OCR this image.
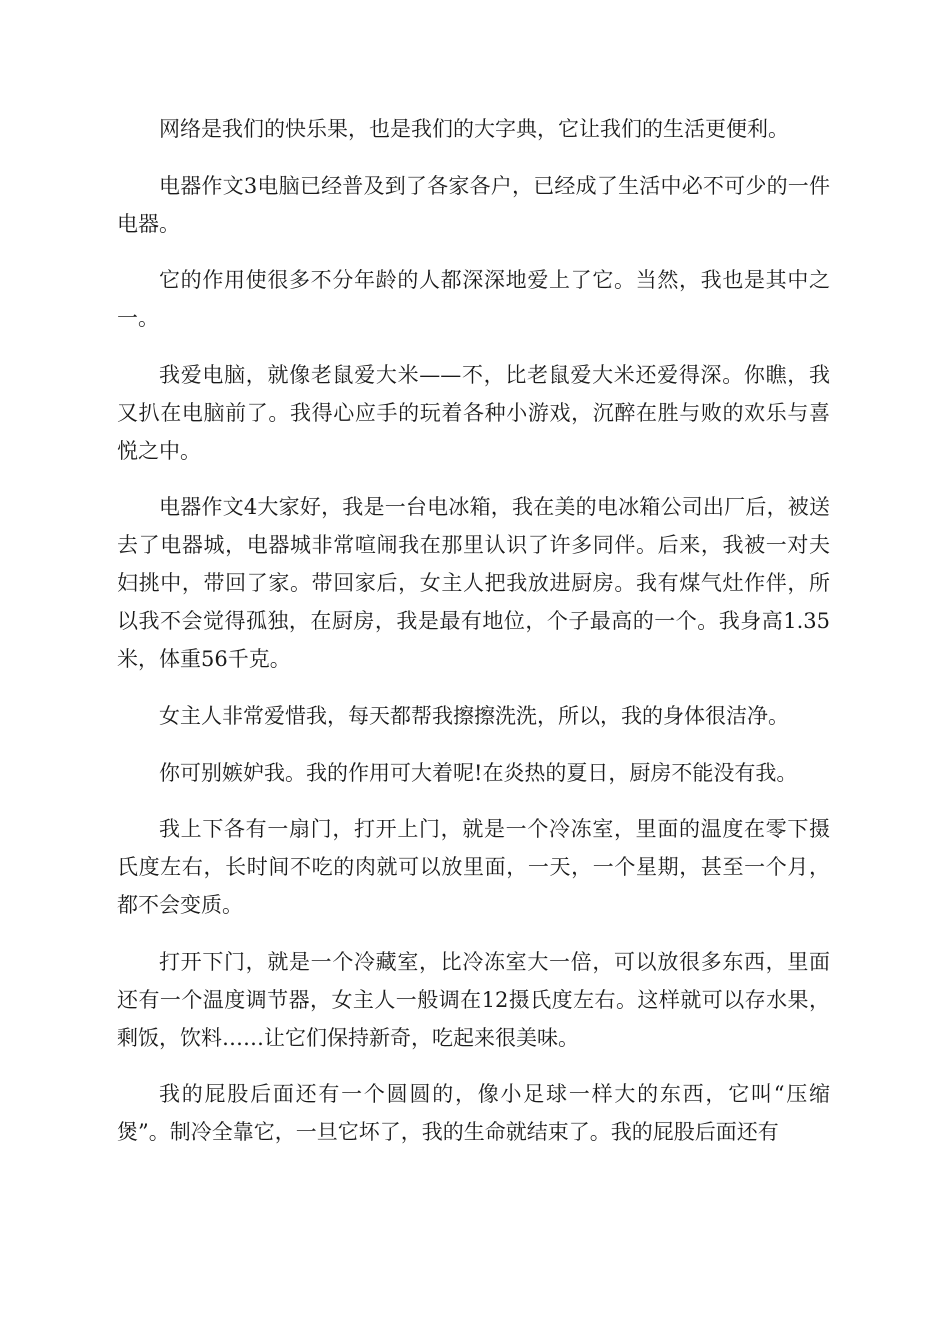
网络是我们的快乐果，也是我们的大字典，它让我们的生活更便利。

电器作文3电脑已经普及到了各家各户，已经成了生活中必不可少的一件电器。

它的作用使很多不分年龄的人都深深地爱上了它。当然，我也是其中之一。

我爱电脑，就像老鼠爱大米——不，比老鼠爱大米还爱得深。你瞧，我又扒在电脑前了。我得心应手的玩着各种小游戏，沉醉在胜与败的欢乐与喜悦之中。

电器作文4大家好，我是一台电冰箱，我在美的电冰箱公司出厂后，被送去了电器城，电器城非常喧闹我在那里认识了许多同伴。后来，我被一对夫妇挑中，带回了家。带回家后，女主人把我放进厨房。我有煤气灶作伴，所以我不会觉得孤独，在厨房，我是最有地位，个子最高的一个。我身高1.35米，体重56千克。

女主人非常爱惜我，每天都帮我擦擦洗洗，所以，我的身体很洁净。

你可别嫉妒我。我的作用可大着呢!在炎热的夏日，厨房不能没有我。

我上下各有一扇门，打开上门，就是一个冷冻室，里面的温度在零下摄氏度左右，长时间不吃的肉就可以放里面，一天，一个星期，甚至一个月，都不会变质。

打开下门，就是一个冷藏室，比冷冻室大一倍，可以放很多东西，里面还有一个温度调节器，女主人一般调在12摄氏度左右。这样就可以存水果，剩饭，饮料……让它们保持新奇，吃起来很美味。

我的屁股后面还有一个圆圆的，像小足球一样大的东西，它叫“压缩煲”。制冷全靠它，一旦它坏了，我的生命就结束了。我的屁股后面还有
